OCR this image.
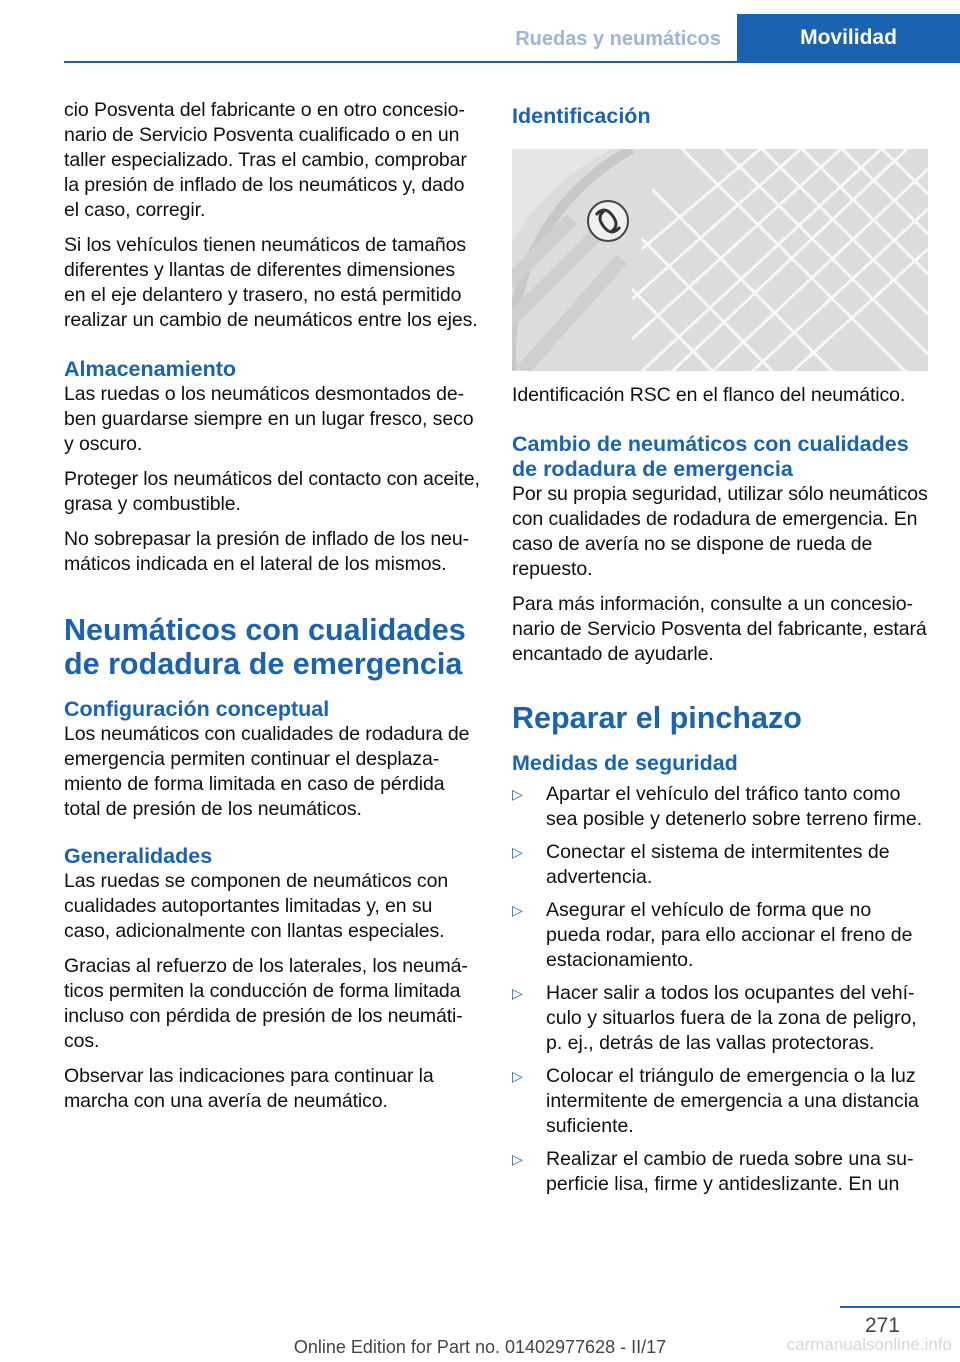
Ruedas y neumáticos	Movilidad

cio Posventa del fabricante o en otro concesionario de Servicio Posventa cualificado o en un taller especializado. Tras el cambio, comprobar la presión de inflado de los neumáticos y, dado el caso, corregir.

Si los vehículos tienen neumáticos de tamaños diferentes y llantas de diferentes dimensiones en el eje delantero y trasero, no está permitido realizar un cambio de neumáticos entre los ejes.

Almacenamiento

Las ruedas o los neumáticos desmontados deben guardarse siempre en un lugar fresco, seco y oscuro.

Proteger los neumáticos del contacto con aceite, grasa y combustible.

No sobrepasar la presión de inflado de los neumáticos indicada en el lateral de los mismos.

Neumáticos con cualidades de rodadura de emergencia
Configuración conceptual

Los neumáticos con cualidades de rodadura de emergencia permiten continuar el desplazamiento de forma limitada en caso de pérdida total de presión de los neumáticos.

Generalidades

Las ruedas se componen de neumáticos con cualidades autoportantes limitadas y, en su caso, adicionalmente con llantas especiales.

Gracias al refuerzo de los laterales, los neumáticos permiten la conducción de forma limitada incluso con pérdida de presión de los neumáticos.

Observar las indicaciones para continuar la marcha con una avería de neumático.

Identificación

Identificación RSC en el flanco del neumático.

Cambio de neumáticos con cualidades de rodadura de emergencia

Por su propia seguridad, utilizar sólo neumáticos con cualidades de rodadura de emergencia. En caso de avería no se dispone de rueda de repuesto.

Para más información, consulte a un concesionario de Servicio Posventa del fabricante, estará encantado de ayudarle.

Reparar el pinchazo
Medidas de seguridad
▷	Apartar el vehículo del tráfico tanto como sea posible y detenerlo sobre terreno firme.
▷	Conectar el sistema de intermitentes de advertencia.
▷	Asegurar el vehículo de forma que no pueda rodar, para ello accionar el freno de estacionamiento.
▷	Hacer salir a todos los ocupantes del vehículo y situarlos fuera de la zona de peligro, p. ej., detrás de las vallas protectoras.
▷	Colocar el triángulo de emergencia o la luz intermitente de emergencia a una distancia suficiente.
▷	Realizar el cambio de rueda sobre una superficie lisa, firme y antideslizante. En un
271
Online Edition for Part no. 01402977628 - II/17	carmanualsonline.info
